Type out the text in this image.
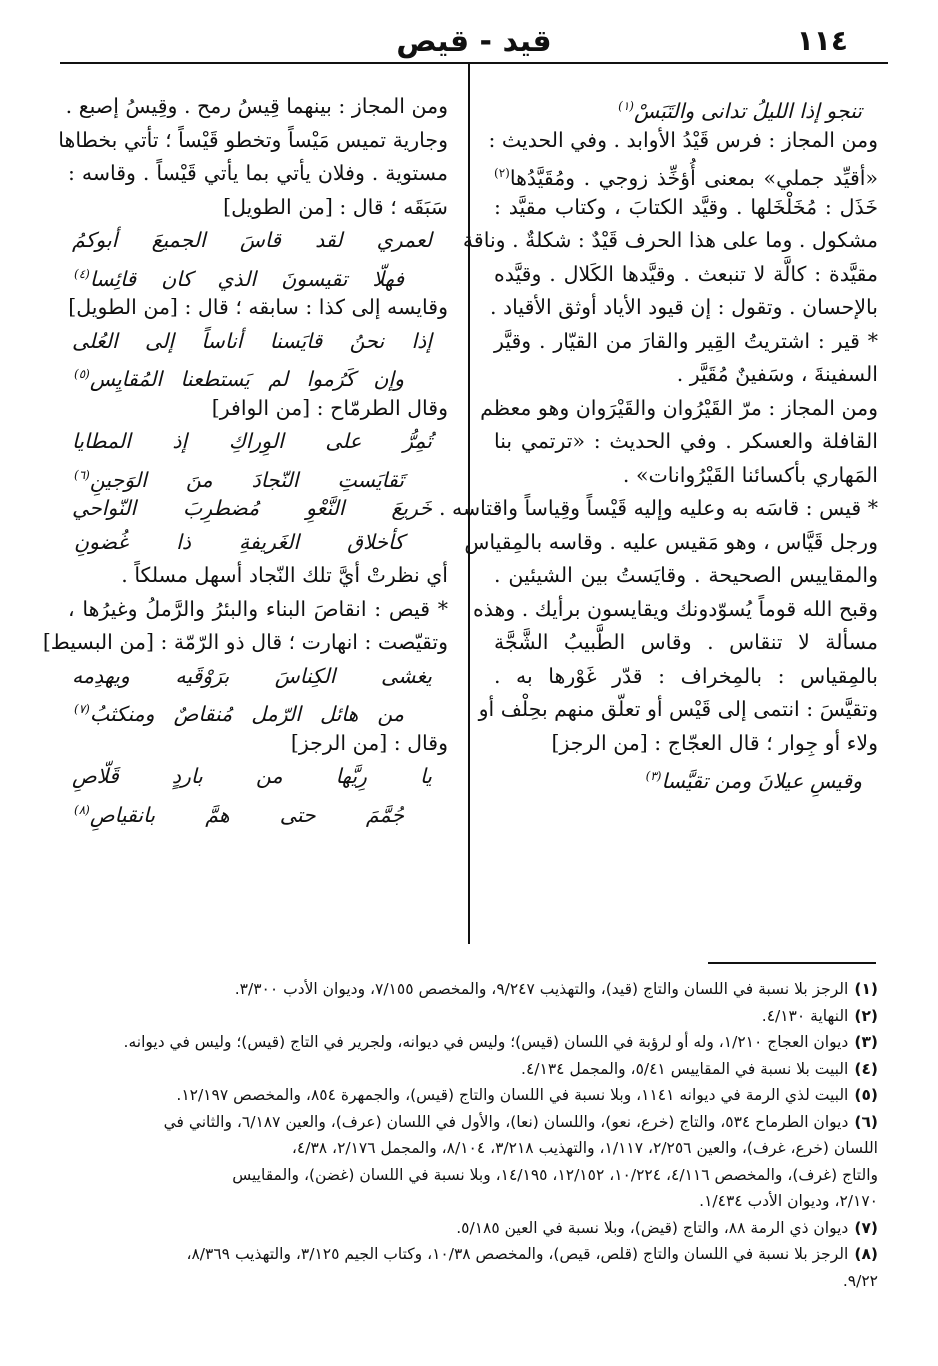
١١٤
قيد - قيص
تنجو إذا الليلُ تدانى والتَبَسْ$^{(١)}$
ومن المجاز : فرس قَيْدُ الأوابد . وفي الحديث :
«أقيِّد جملي» بمعنى أُؤخِّذ زوجي . ومُقَيَّدُها$^{(٢)}$
خَذَل : مُخَلْخَلها . وقيَّد الكتابَ ، وكتاب مقيَّد :
مشكول . وما على هذا الحرف قَيْدٌ : شكلةٌ . وناقة
مقيَّدة : كالَّة لا تنبعث . وقيَّدها الكَلال . وقيَّده
بالإحسان . وتقول : إن قيود الأياد أوثق الأقياد .
* قير : اشتريتُ القِير والقارَ من القيّار . وقيَّر
السفينةَ ، وسَفينٌ مُقَيَّر .
ومن المجاز : مرّ القَيْرُوان والقَيْرَوان وهو معظم
القافلة والعسكر . وفي الحديث : «ترتمي بنا
المَهاري بأكسائنا القَيْرُوانات» .
* قيس : قاسَه به وعليه وإليه قَيْساً وقِياساً واقتاسه .
ورجل قَيَّاس ، وهو مَقيس عليه . وقاسه بالمِقياس
والمقاييس الصحيحة . وقايَستُ بين الشيئين .
وقبح الله قوماً يُسوّدونك ويقايسون برأيك . وهذه
مسألة لا تنقاس . وقاس الطَّبيبُ الشَّجَّة
بالمِقياس : بالمِخراف : قدّر غَوْرها به .
وتقيَّسَ : انتمى إلى قَيْس أو تعلّق منهم بحِلْف أو
ولاء أو جِوار ؛ قال العجّاج : [من الرجز]
وقيسِ عيلانَ ومن تقيَّسا$^{(٣)}$
ومن المجاز : بينهما قِيسُ رمح . وقِيسُ إصبع .
وجارية تميس مَيْساً وتخطو قَيْساً ؛ تأتي بخطاها
مستوية . وفلان يأتي بما يأتي قَيْساً . وقاسه :
سَبَقَه ؛ قال : [من الطويل]
لعمري لقد قاسَ الجميعَ أبوكمُ
فهلّا تقيسونَ الذي كان قائِسا$^{(٤)}$
وقايسه إلى كذا : سابقه ؛ قال : [من الطويل]
إذا نحنُ قايَسنا أناساً إلى العُلى
وإن كَرُموا لم يَستطعنا المُقايِس$^{(٥)}$
وقال الطرمّاح : [من الوافر]
تُمِرُّ على الوِراكِ إذ المطايا
تَقايَستِ النّجادَ منَ الوَجينِ$^{(٦)}$
خَريعَ النَّعْوِ مُضطرِبَ النّواحي
كأخلاق الغَريفةِ ذا غُضونِ
أي نظرتْ أيَّ تلك النّجاد أسهل مسلكاً .
* قيص : انقاصَ البناء والبئرُ والرَّملُ وغيرُها ،
وتقيّصت : انهارت ؛ قال ذو الرّمّة : [من البسيط]
يغشى الكِناسَ برَوْقَيه ويهدِمه
من هائل الرّمل مُنقاصٌ ومنكثبُ$^{(٧)}$
وقال : [من الرجز]
يا رِيَّها من باردٍ قَلّاصِ
جُمَّمَ حتى همَّ بانقياصِ$^{(٨)}$
(١)الرجز بلا نسبة في اللسان والتاج (قيد)، والتهذيب ٩/٢٤٧، والمخصص ٧/١٥٥، وديوان الأدب ٣/٣٠٠.
(٢)النهاية ٤/١٣٠.
(٣)ديوان العجاج ١/٢١٠، وله أو لرؤبة في اللسان (قيس)؛ وليس في ديوانه، ولجرير في التاج (قيس)؛ وليس في ديوانه.
(٤)البيت بلا نسبة في المقاييس ٥/٤١، والمجمل ٤/١٣٤.
(٥)البيت لذي الرمة في ديوانه ١١٤١، وبلا نسبة في اللسان والتاج (قيس)، والجمهرة ٨٥٤، والمخصص ١٢/١٩٧.
(٦)ديوان الطرماح ٥٣٤، والتاج (خرع، نعو)، واللسان (نعا)، والأول في اللسان (عرف)، والعين ٦/١٨٧، والثاني في
اللسان (خرع، غرف)، والعين ٢/٢٥٦، ١/١١٧، والتهذيب ٣/٢١٨، ٨/١٠٤، والمجمل ٢/١٧٦، ٤/٣٨،
والتاج (غرف)، والمخصص ٤/١١٦، ١٠/٢٢٤، ١٢/١٥٢، ١٤/١٩٥، وبلا نسبة في اللسان (غضن)، والمقاييس
٢/١٧٠، وديوان الأدب ١/٤٣٤.
(٧)ديوان ذي الرمة ٨٨، والتاج (قيض)، وبلا نسبة في العين ٥/١٨٥.
(٨)الرجز بلا نسبة في اللسان والتاج (قلص، قيص)، والمخصص ١٠/٣٨، وكتاب الجيم ٣/١٢٥، والتهذيب ٨/٣٦٩،
٩/٢٢.
